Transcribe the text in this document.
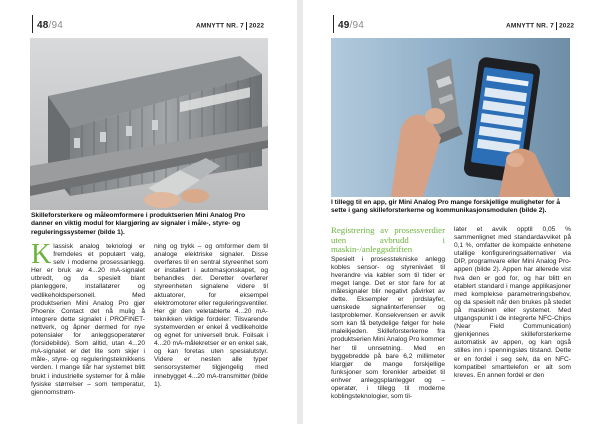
48/94	AMNYTT NR. 7 2022
Skilleforsterkere og måleomformere i produktserien Mini Analog Pro danner en viktig modul for klargjøring av signaler i måle-, styre- og reguleringssystemer (bilde 1).
Klassisk analog teknologi er fremdeles et populært valg, selv i moderne prosessanlegg. Her er bruk av 4...20 mA-signalet utbredt, og da spesielt blant planleggere, installatører og vedlikeholdspersonell. Med produktserien Mini Analog Pro gjør Phoenix Contact det nå mulig å integrere dette signalet i PROFINET-nettverk, og åpner dermed for nye potensialer for anleggsoperatører (forsidebilde). Som alltid, utan 4...20 mA-signalet er det lite som skjer i måle-, styre- og reguleringsteknikkens verden. I mange tiår har systemet blitt brukt i industrielle systemer for å måle fysiske størrelser – som temperatur, gjennomstrøm-
ning og trykk – og omformer dem til analoge elektriske signaler. Disse overføres til en sentral styreenhet som er installert i automasjonskapet, og behandles der. Deretter overfører styreenheten signalene videre til aktuatorer, for eksempel elektromotorer eller reguleringsventiler. Her gir den veletablerte 4...20 mA-teknikken viktige fordeler: Tilsvarende systemverden er enkel å vedlikeholde og egnet for universell bruk. Foilsak i 4...20 mA-målekretser er en enkel sak, og kan foretas uten spesialutstyr. Videre er nesten alle typer sensorsystemer tilgjengelig med innebygget 4...20 mA-transmitter (bilde 1).
49/94	AMNYTT NR. 7 2022
I tillegg til en app, gir Mini Analog Pro mange forskjellige muligheter for å sette i gang skilleforsterkerne og kommunikasjonsmodulen (bilde 2).
Registrering av prosessverdier uten avbrudd i maskin-/anleggsdriften
Spesielt i prosesstekniske anlegg kobles sensor- og styreniváet til hverandre via kabler som til tider er meget lange. Det er stor fare for at målesignaler blir negativt påvirket av dette. Eksempler er jordslayfer, uønskede signalinterferenser og lastproblemer. Konsekvensen er avvik som kan få betydelige følger for hele maleikjeden. Skilleforsterkerne fra produktserien Mini Analog Pro kommer her til unnsetning. Med en byggebredde på bare 6,2 millimeter klargjør de mange forskjellige funksjoner som forenkler arbeidet til enhver anleggsplanlegger og –operatør, i tillegg til moderne koblingsteknologier, som til-
later et avvik opptil 0,05 % sammenlignet med standardavviket på 0,1 %, omfatter de kompakte enhetene utallige konfigureringsalternativer via DIP, programvare eller Mini Analog Pro-appen (bilde 2). Appen har allerede vist hva den er god for, og har blitt en etablert standard i mange applikasjoner med komplekse parametreringsbehov, og da spesielt når den brukes på stedet på maskinen eller systemet. Med utgangspunkt i de integrerte NFC-Chips (Near Field Communication) gjenkjennes skilleforsterkerne automatisk av appen, og kan også stilles inn i spenningsløs tilstand. Dette er en fordel i seg selv, da en NFC-kompatibel smarttelefon er alt som kreves. En annen fordel er den
